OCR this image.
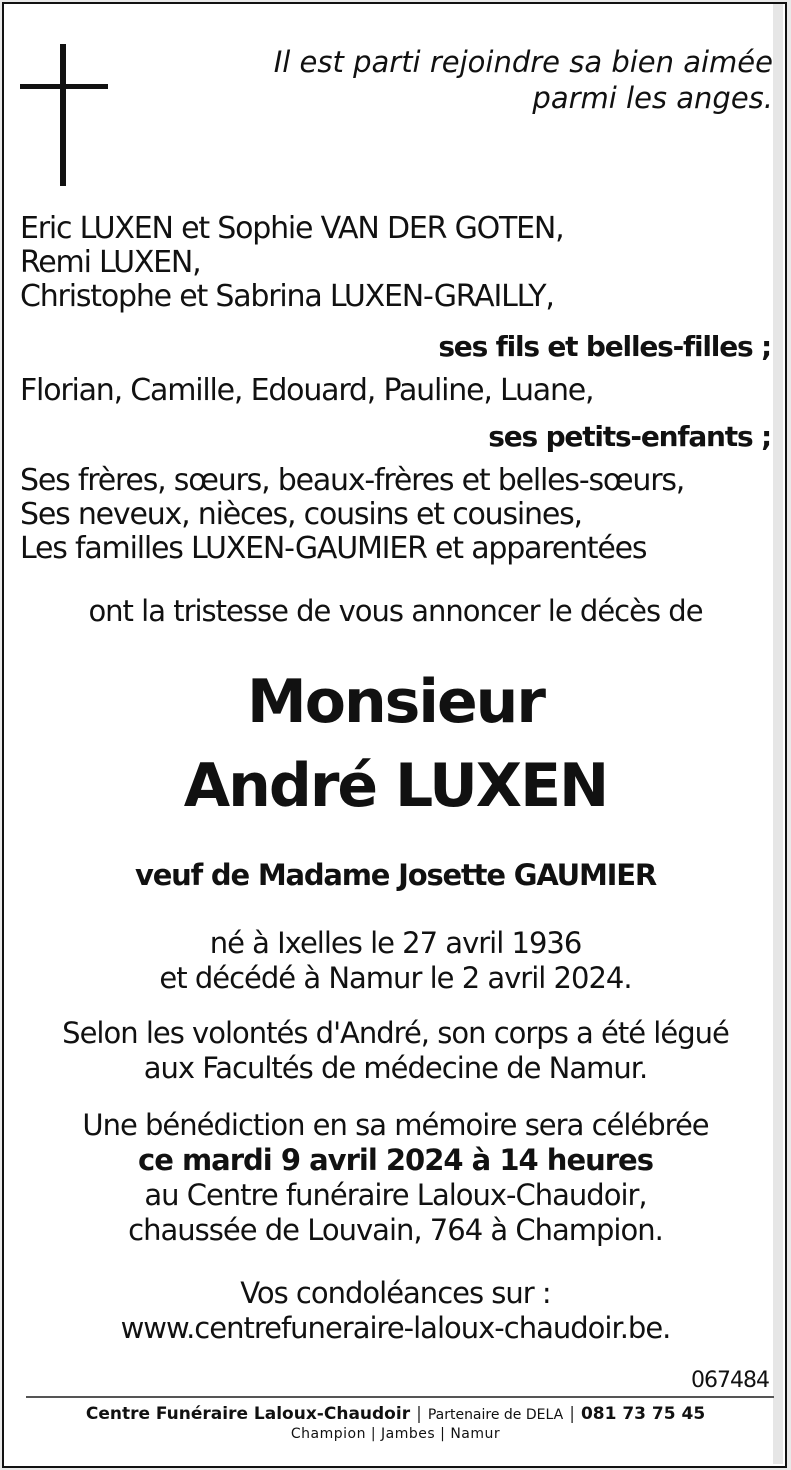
Il est parti rejoindre sa bien aimée
parmi les anges.
Eric LUXEN et Sophie VAN DER GOTEN,
Remi LUXEN,
Christophe et Sabrina LUXEN-GRAILLY,
ses fils et belles-filles ;
Florian, Camille, Edouard, Pauline, Luane,
ses petits-enfants ;
Ses frères, sœurs, beaux-frères et belles-sœurs,
Ses neveux, nièces, cousins et cousines,
Les familles LUXEN-GAUMIER et apparentées
ont la tristesse de vous annoncer le décès de
Monsieur
André LUXEN
veuf de Madame Josette GAUMIER
né à Ixelles le 27 avril 1936
et décédé à Namur le 2 avril 2024.
Selon les volontés d'André, son corps a été légué
aux Facultés de médecine de Namur.
Une bénédiction en sa mémoire sera célébrée
ce mardi 9 avril 2024 à 14 heures
au Centre funéraire Laloux-Chaudoir,
chaussée de Louvain, 764 à Champion.
Vos condoléances sur :
www.centrefuneraire-laloux-chaudoir.be.
067484
Centre Funéraire Laloux-Chaudoir | Partenaire de DELA | 081 73 75 45
Champion | Jambes | Namur
